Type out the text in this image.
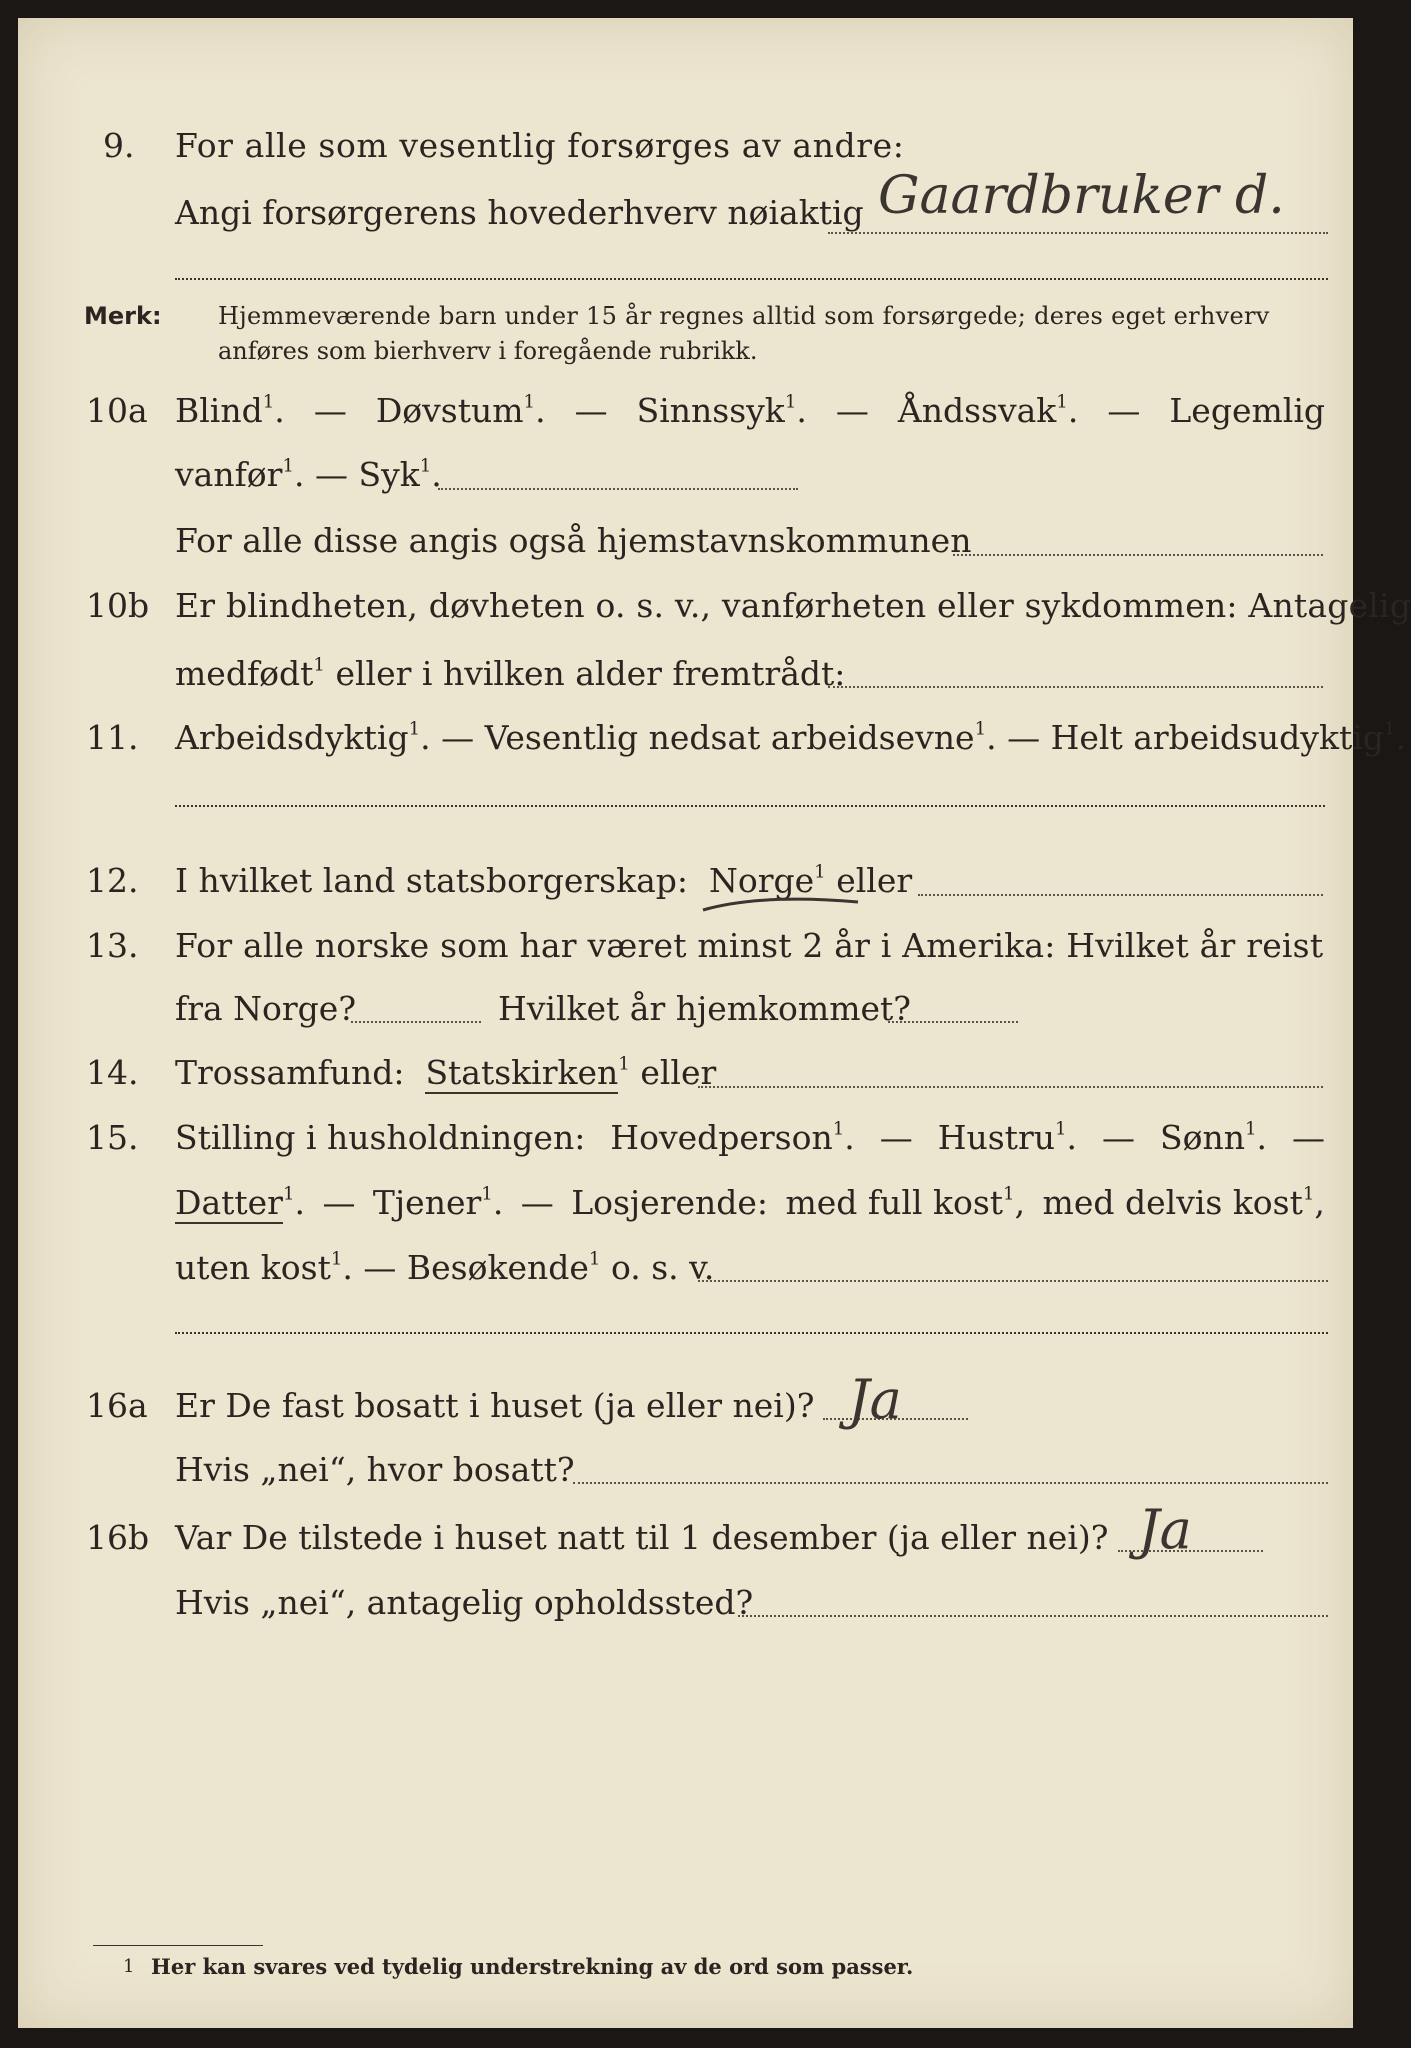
9. For alle som vesentlig forsørges av andre:
Angi forsørgerens hovederhverv nøiaktig Gaardbruker d.
Merk: Hjemmeværende barn under 15 år regnes alltid som forsørgede; deres eget erhverv
anføres som bierhverv i foregående rubrikk.
10a Blind$^1$. — Døvstum$^1$. — Sinnssyk$^1$. — Åndssvak$^1$. — Legemlig
vanfør$^1$. — Syk$^1$.
For alle disse angis også hjemstavnskommunen
10b Er blindheten, døvheten o. s. v., vanførheten eller sykdommen: Antagelig
medfødt$^1$ eller i hvilken alder fremtrådt:
11. Arbeidsdyktig$^1$. — Vesentlig nedsat arbeidsevne$^1$. — Helt arbeidsudyktig$^1$.
12. I hvilket land statsborgerskap: Norge$^1$ eller
13. For alle norske som har været minst 2 år i Amerika: Hvilket år reist
fra Norge?	Hvilket år hjemkommet?
14. Trossamfund: Statskirken$^1$ eller
15. Stilling i husholdningen: Hovedperson$^1$. — Hustru$^1$. — Sønn$^1$. —
Datter$^1$. — Tjener$^1$. — Losjerende: med full kost$^1$, med delvis kost$^1$,
uten kost$^1$. — Besøkende$^1$ o. s. v.
16a Er De fast bosatt i huset (ja eller nei)? Ja
Hvis „nei“, hvor bosatt?
16b Var De tilstede i huset natt til 1 desember (ja eller nei)? Ja
Hvis „nei“, antagelig opholdssted?
1 Her kan svares ved tydelig understrekning av de ord som passer.
